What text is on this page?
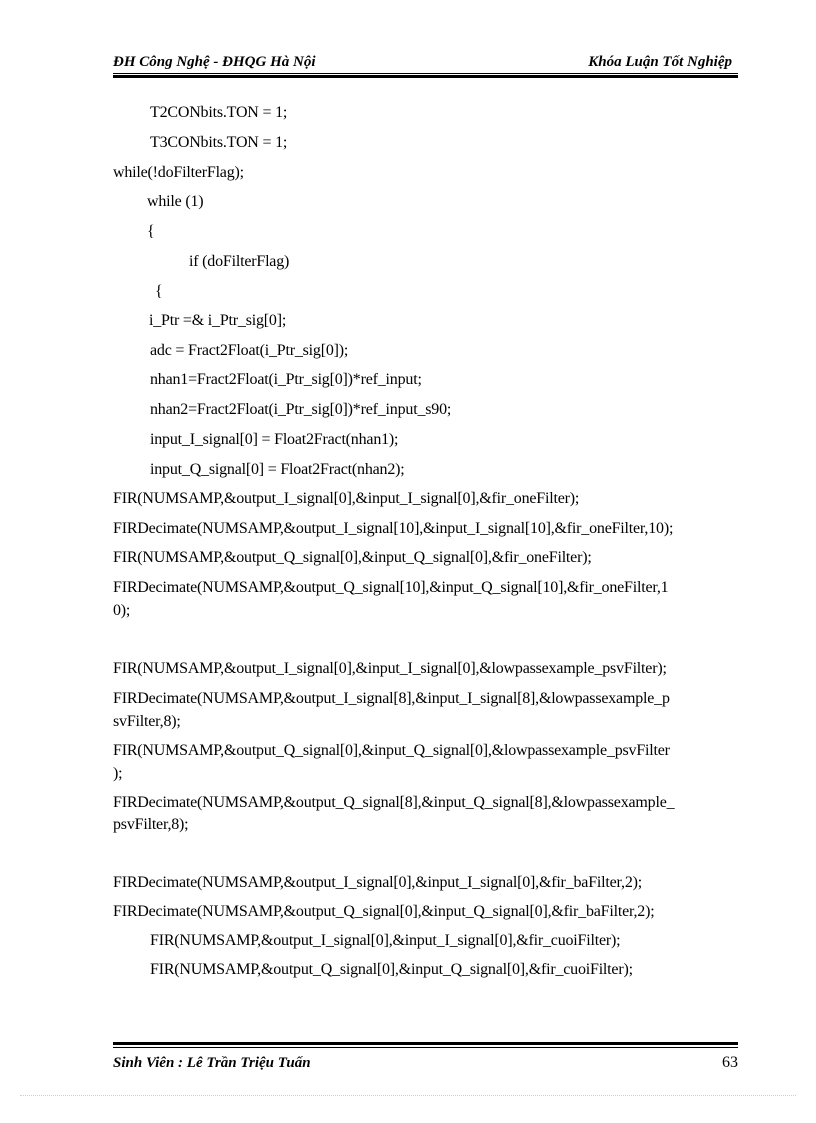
ĐH Công Nghệ - ĐHQG Hà Nội	Khóa Luận Tốt Nghiệp
T2CONbits.TON = 1;
T3CONbits.TON = 1;
while(!doFilterFlag);
while (1)
{
if (doFilterFlag)
{
i_Ptr =& i_Ptr_sig[0];
adc = Fract2Float(i_Ptr_sig[0]);
nhan1=Fract2Float(i_Ptr_sig[0])*ref_input;
nhan2=Fract2Float(i_Ptr_sig[0])*ref_input_s90;
input_I_signal[0] = Float2Fract(nhan1);
input_Q_signal[0] = Float2Fract(nhan2);
FIR(NUMSAMP,&output_I_signal[0],&input_I_signal[0],&fir_oneFilter);
FIRDecimate(NUMSAMP,&output_I_signal[10],&input_I_signal[10],&fir_oneFilter,10);
FIR(NUMSAMP,&output_Q_signal[0],&input_Q_signal[0],&fir_oneFilter);
FIRDecimate(NUMSAMP,&output_Q_signal[10],&input_Q_signal[10],&fir_oneFilter,1
0);
FIR(NUMSAMP,&output_I_signal[0],&input_I_signal[0],&lowpassexample_psvFilter);
FIRDecimate(NUMSAMP,&output_I_signal[8],&input_I_signal[8],&lowpassexample_p
svFilter,8);
FIR(NUMSAMP,&output_Q_signal[0],&input_Q_signal[0],&lowpassexample_psvFilter
);
FIRDecimate(NUMSAMP,&output_Q_signal[8],&input_Q_signal[8],&lowpassexample_
psvFilter,8);
FIRDecimate(NUMSAMP,&output_I_signal[0],&input_I_signal[0],&fir_baFilter,2);
FIRDecimate(NUMSAMP,&output_Q_signal[0],&input_Q_signal[0],&fir_baFilter,2);
FIR(NUMSAMP,&output_I_signal[0],&input_I_signal[0],&fir_cuoiFilter);
FIR(NUMSAMP,&output_Q_signal[0],&input_Q_signal[0],&fir_cuoiFilter);
Sinh Viên : Lê Trần Triệu Tuấn	63
